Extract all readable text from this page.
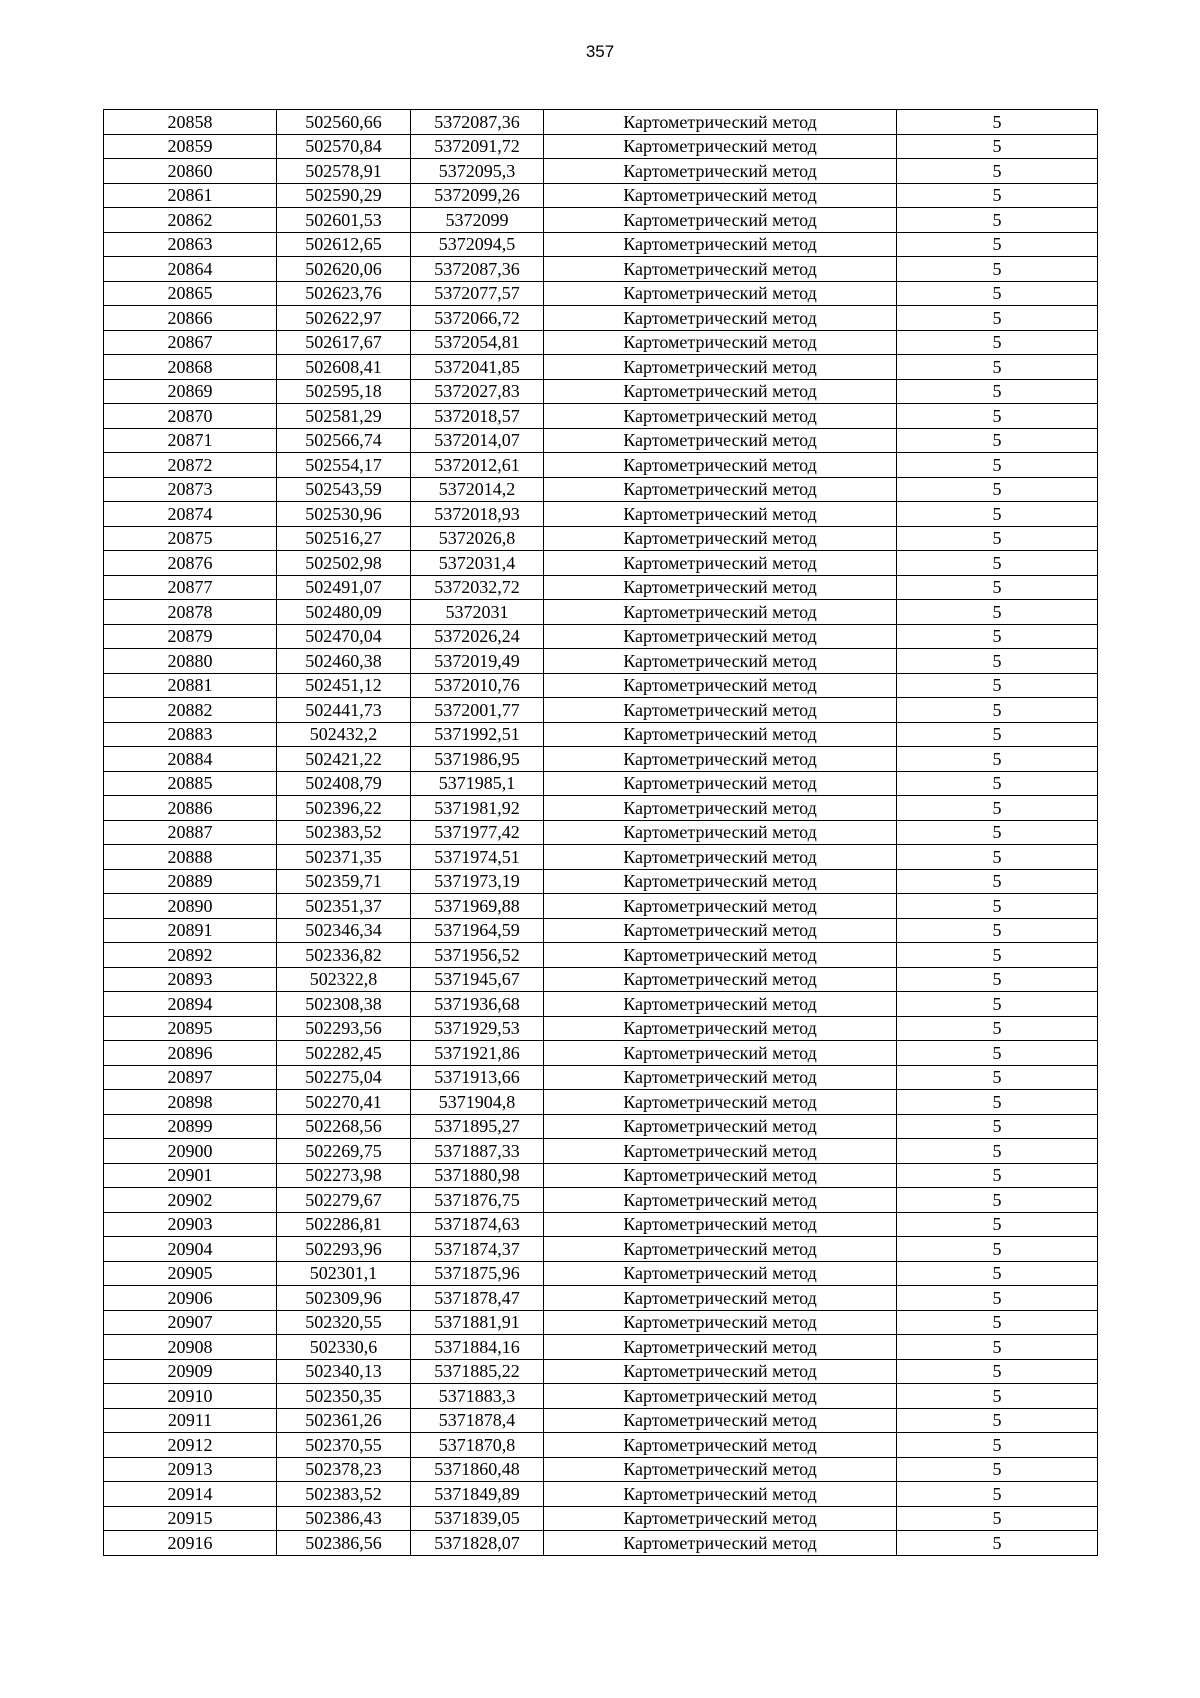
357
20858	502560,66	5372087,36	Картометрический метод	5
20859	502570,84	5372091,72	Картометрический метод	5
20860	502578,91	5372095,3	Картометрический метод	5
20861	502590,29	5372099,26	Картометрический метод	5
20862	502601,53	5372099	Картометрический метод	5
20863	502612,65	5372094,5	Картометрический метод	5
20864	502620,06	5372087,36	Картометрический метод	5
20865	502623,76	5372077,57	Картометрический метод	5
20866	502622,97	5372066,72	Картометрический метод	5
20867	502617,67	5372054,81	Картометрический метод	5
20868	502608,41	5372041,85	Картометрический метод	5
20869	502595,18	5372027,83	Картометрический метод	5
20870	502581,29	5372018,57	Картометрический метод	5
20871	502566,74	5372014,07	Картометрический метод	5
20872	502554,17	5372012,61	Картометрический метод	5
20873	502543,59	5372014,2	Картометрический метод	5
20874	502530,96	5372018,93	Картометрический метод	5
20875	502516,27	5372026,8	Картометрический метод	5
20876	502502,98	5372031,4	Картометрический метод	5
20877	502491,07	5372032,72	Картометрический метод	5
20878	502480,09	5372031	Картометрический метод	5
20879	502470,04	5372026,24	Картометрический метод	5
20880	502460,38	5372019,49	Картометрический метод	5
20881	502451,12	5372010,76	Картометрический метод	5
20882	502441,73	5372001,77	Картометрический метод	5
20883	502432,2	5371992,51	Картометрический метод	5
20884	502421,22	5371986,95	Картометрический метод	5
20885	502408,79	5371985,1	Картометрический метод	5
20886	502396,22	5371981,92	Картометрический метод	5
20887	502383,52	5371977,42	Картометрический метод	5
20888	502371,35	5371974,51	Картометрический метод	5
20889	502359,71	5371973,19	Картометрический метод	5
20890	502351,37	5371969,88	Картометрический метод	5
20891	502346,34	5371964,59	Картометрический метод	5
20892	502336,82	5371956,52	Картометрический метод	5
20893	502322,8	5371945,67	Картометрический метод	5
20894	502308,38	5371936,68	Картометрический метод	5
20895	502293,56	5371929,53	Картометрический метод	5
20896	502282,45	5371921,86	Картометрический метод	5
20897	502275,04	5371913,66	Картометрический метод	5
20898	502270,41	5371904,8	Картометрический метод	5
20899	502268,56	5371895,27	Картометрический метод	5
20900	502269,75	5371887,33	Картометрический метод	5
20901	502273,98	5371880,98	Картометрический метод	5
20902	502279,67	5371876,75	Картометрический метод	5
20903	502286,81	5371874,63	Картометрический метод	5
20904	502293,96	5371874,37	Картометрический метод	5
20905	502301,1	5371875,96	Картометрический метод	5
20906	502309,96	5371878,47	Картометрический метод	5
20907	502320,55	5371881,91	Картометрический метод	5
20908	502330,6	5371884,16	Картометрический метод	5
20909	502340,13	5371885,22	Картометрический метод	5
20910	502350,35	5371883,3	Картометрический метод	5
20911	502361,26	5371878,4	Картометрический метод	5
20912	502370,55	5371870,8	Картометрический метод	5
20913	502378,23	5371860,48	Картометрический метод	5
20914	502383,52	5371849,89	Картометрический метод	5
20915	502386,43	5371839,05	Картометрический метод	5
20916	502386,56	5371828,07	Картометрический метод	5
